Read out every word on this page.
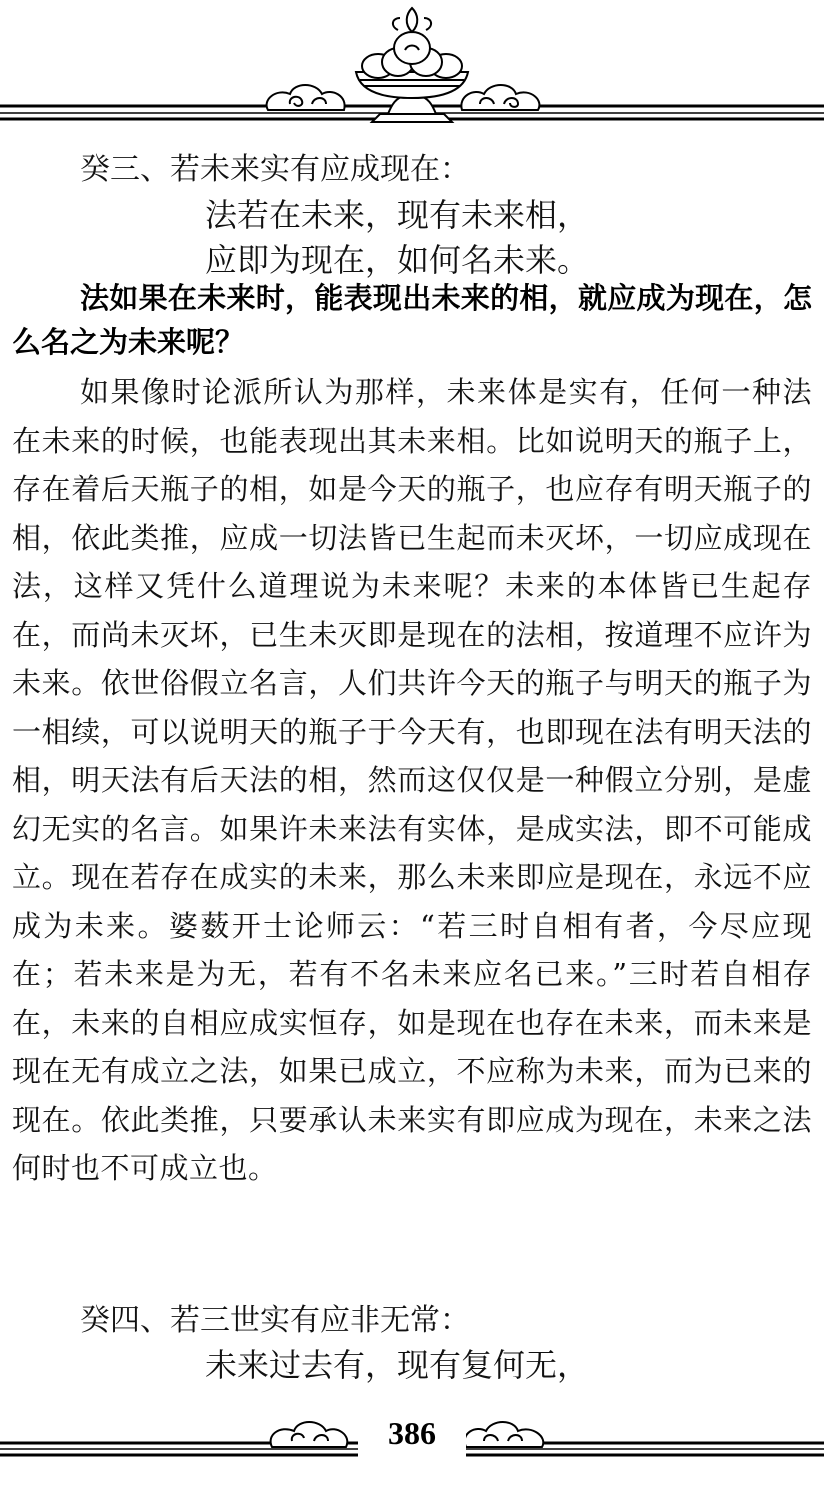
癸三、若未来实有应成现在：
法若在未来，现有未来相，
应即为现在，如何名未来。
法如果在未来时，能表现出未来的相，就应成为现在，怎么名之为未来呢？
如果像时论派所认为那样，未来体是实有，任何一种法在未来的时候，也能表现出其未来相。比如说明天的瓶子上，存在着后天瓶子的相，如是今天的瓶子，也应存有明天瓶子的相，依此类推，应成一切法皆已生起而未灭坏，一切应成现在法，这样又凭什么道理说为未来呢？未来的本体皆已生起存在，而尚未灭坏，已生未灭即是现在的法相，按道理不应许为未来。依世俗假立名言，人们共许今天的瓶子与明天的瓶子为一相续，可以说明天的瓶子于今天有，也即现在法有明天法的相，明天法有后天法的相，然而这仅仅是一种假立分别，是虚幻无实的名言。如果许未来法有实体，是成实法，即不可能成立。现在若存在成实的未来，那么未来即应是现在，永远不应成为未来。婆薮开士论师云：“若三时自相有者，今尽应现在；若未来是为无，若有不名未来应名已来。”三时若自相存在，未来的自相应成实恒存，如是现在也存在未来，而未来是现在无有成立之法，如果已成立，不应称为未来，而为已来的现在。依此类推，只要承认未来实有即应成为现在，未来之法何时也不可成立也。
癸四、若三世实有应非无常：
未来过去有，现有复何无，
386
